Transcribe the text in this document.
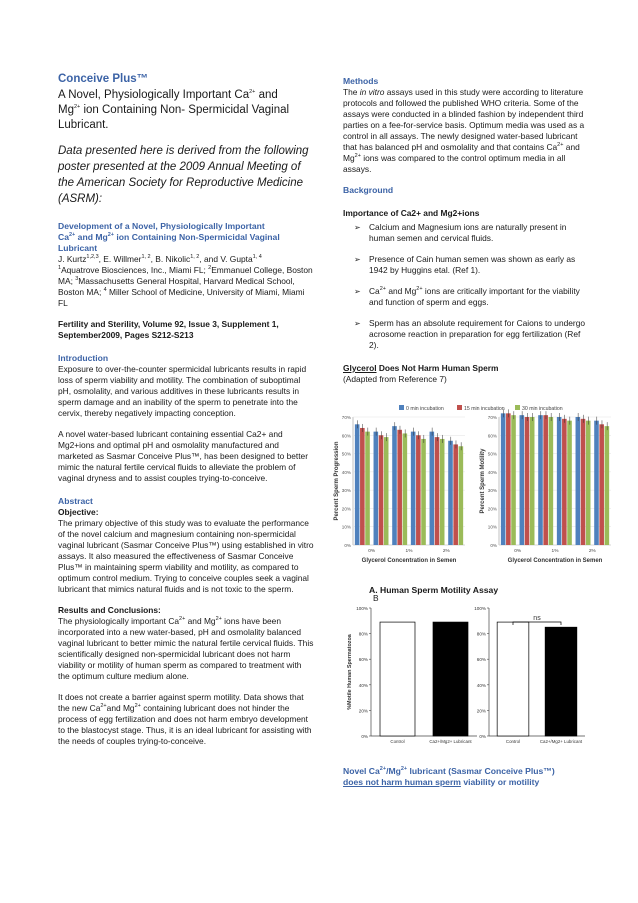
Conceive Plus™

A Novel, Physiologically Important $Ca^{2+}$ and
$Mg^{2+}$ ion Containing Non- Spermicidal Vaginal Lubricant.
Data presented here is derived from the following poster presented at the 2009 Annual Meeting of the American Society for Reproductive Medicine (ASRM):
Development of a Novel, Physiologically Important
$Ca^{2+}$ and $Mg^{2+}$ ion Containing Non-Spermicidal Vaginal Lubricant

J. Kurtz$^{1,2,3}$, E. Willmer$^{1, 2}$, B. Nikolic$^{1, 2}$, and V. Gupta$^{1, 4}$

$^1$Aquatrove Biosciences, Inc., Miami FL; $^2$Emmanuel College, Boston MA; $^3$Massachusetts General Hospital, Harvard Medical School, Boston MA; $^4$ Miller School of Medicine, University of Miami, Miami FL

Fertility and Sterility, Volume 92, Issue 3, Supplement 1, September2009, Pages S212-S213

Introduction

Exposure to over-the-counter spermicidal lubricants results in rapid loss of sperm viability and motility. The combination of suboptimal pH, osmolality, and various additives in these lubricants results in sperm damage and an inability of the sperm to penetrate into the cervix, thereby negatively impacting conception.

A novel water-based lubricant containing essential Ca2+ and Mg2+ions and optimal pH and osmolality manufactured and marketed as Sasmar Conceive Plus™, has been designed to better mimic the natural fertile cervical fluids to alleviate the problem of vaginal dryness and to assist couples trying-to-conceive.

Abstract

Objective:

The primary objective of this study was to evaluate the performance of the novel calcium and magnesium containing non-spermicidal vaginal lubricant (Sasmar Conceive Plus™) using established in vitro assays. It also measured the effectiveness of Sasmar Conceive Plus™ in maintaining sperm viability and motility, as compared to optimum control medium. Trying to conceive couples seek a vaginal lubricant that mimics natural fluids and is not toxic to the sperm.

Results and Conclusions:

The physiologically important $Ca^{2+}$ and $Mg^{2+}$ ions have been incorporated into a new water-based, pH and osmolality balanced vaginal lubricant to better mimic the natural fertile cervical fluids. This scientifically designed non-spermicidal lubricant does not harm viability or motility of human sperm as compared to treatment with the optimum culture medium alone.

It does not create a barrier against sperm motility. Data shows that the new $Ca^{2+}and$ $Mg^{2+}$ containing lubricant does not hinder the process of egg fertilization and does not harm embryo development to the blastocyst stage. Thus, it is an ideal lubricant for assisting with the needs of couples trying-to-conceive.

Methods

The in vitro assays used in this study were according to literature protocols and followed the published WHO criteria. Some of the assays were conducted in a blinded fashion by independent third parties on a fee-for-service basis. Optimum media was used as a control in all assays. The newly designed water-based lubricant that has balanced pH and osmolality and that contains $Ca^{2+}$ and $Mg^{2+}$ ions was compared to the control optimum media in all assays.

Background

Importance of Ca2+ and Mg2+ions

➢ Calcium and Magnesium ions are naturally present in human semen and cervical fluids.
➢ Presence of Cain human semen was shown as early as 1942 by Huggins etal. (Ref 1).
➢ $Ca^{2+}$ and $Mg^{2+}$ ions are critically important for the viability and function of sperm and eggs.
➢ Sperm has an absolute requirement for Caions to undergo acrosome reaction in preparation for egg fertilization (Ref 2).

Glycerol Does Not Harm Human Sperm

(Adapted from Reference 7)

0 min incubation	15 min incubation	30 min incubation
0%
10%
20%
30%
40%
50%
60%
70%
0%	1%	2%
Glycerol Concentration in Semen
Percent Sperm Progression
0%
10%
20%
30%
40%
50%
60%
70%
0%	1%	2%
Glycerol Concentration in Semen
Percent Sperm Motility

A. Human Sperm Motility Assay

B

0%
20%
40%
60%
80%
100%
Control	Ca2+/Mg2+ Lubricant
%Motile Human Spermatozoa
0%
20%
40%
60%
80%
100%
Control	Ca2+/Mg2+ Lubricant
ns

Novel $Ca^{2+}/Mg^{2+}$ lubricant (Sasmar Conceive Plus™)
does not harm human sperm viability or motility
